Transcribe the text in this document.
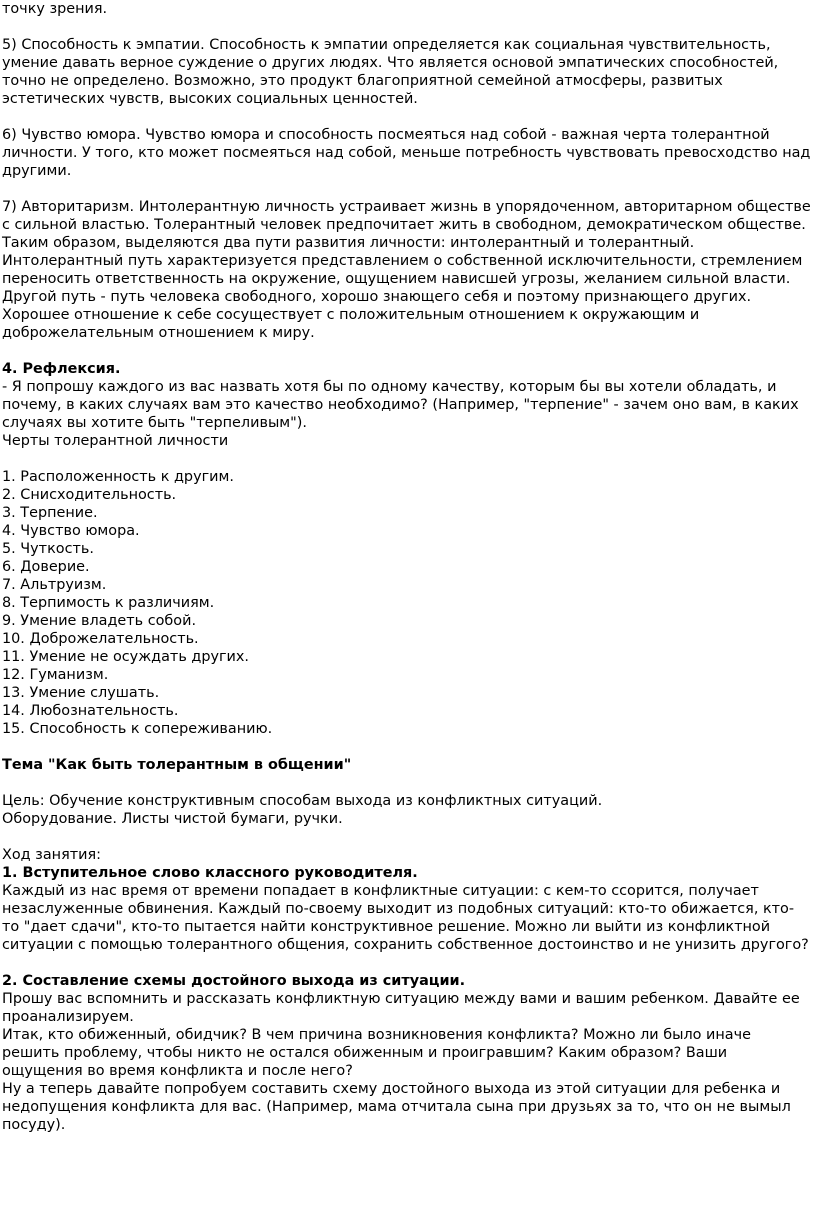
точку зрения.
5) Способность к эмпатии. Способность к эмпатии определяется как социальная чувствительность,
умение давать верное суждение о других людях. Что является основой эмпатических способностей,
точно не определено. Возможно, это продукт благоприятной семейной атмосферы, развитых
эстетических чувств, высоких социальных ценностей.
6) Чувство юмора. Чувство юмора и способность посмеяться над собой - важная черта толерантной
личности. У того, кто может посмеяться над собой, меньше потребность чувствовать превосходство над
другими.
7) Авторитаризм. Интолерантную личность устраивает жизнь в упорядоченном, авторитарном обществе
с сильной властью. Толерантный человек предпочитает жить в свободном, демократическом обществе.
Таким образом, выделяются два пути развития личности: интолерантный и толерантный.
Интолерантный путь характеризуется представлением о собственной исключительности, стремлением
переносить ответственность на окружение, ощущением нависшей угрозы, желанием сильной власти.
Другой путь - путь человека свободного, хорошо знающего себя и поэтому признающего других.
Хорошее отношение к себе сосуществует с положительным отношением к окружающим и
доброжелательным отношением к миру.
4. Рефлексия.
- Я попрошу каждого из вас назвать хотя бы по одному качеству, которым бы вы хотели обладать, и
почему, в каких случаях вам это качество необходимо? (Например, "терпение" - зачем оно вам, в каких
случаях вы хотите быть "терпеливым").
Черты толерантной личности
1. Расположенность к другим.
2. Снисходительность.
3. Терпение.
4. Чувство юмора.
5. Чуткость.
6. Доверие.
7. Альтруизм.
8. Терпимость к различиям.
9. Умение владеть собой.
10. Доброжелательность.
11. Умение не осуждать других.
12. Гуманизм.
13. Умение слушать.
14. Любознательность.
15. Способность к сопереживанию.
Тема "Как быть толерантным в общении"
Цель: Обучение конструктивным способам выхода из конфликтных ситуаций.
Оборудование. Листы чистой бумаги, ручки.
Ход занятия:
1. Вступительное слово классного руководителя.
Каждый из нас время от времени попадает в конфликтные ситуации: с кем-то ссорится, получает
незаслуженные обвинения. Каждый по-своему выходит из подобных ситуаций: кто-то обижается, кто-
то "дает сдачи", кто-то пытается найти конструктивное решение. Можно ли выйти из конфликтной
ситуации с помощью толерантного общения, сохранить собственное достоинство и не унизить другого?
2. Составление схемы достойного выхода из ситуации.
Прошу вас вспомнить и рассказать конфликтную ситуацию между вами и вашим ребенком. Давайте ее
проанализируем.
Итак, кто обиженный, обидчик? В чем причина возникновения конфликта? Можно ли было иначе
решить проблему, чтобы никто не остался обиженным и проигравшим? Каким образом? Ваши
ощущения во время конфликта и после него?
Ну а теперь давайте попробуем составить схему достойного выхода из этой ситуации для ребенка и
недопущения конфликта для вас. (Например, мама отчитала сына при друзьях за то, что он не вымыл
посуду).
